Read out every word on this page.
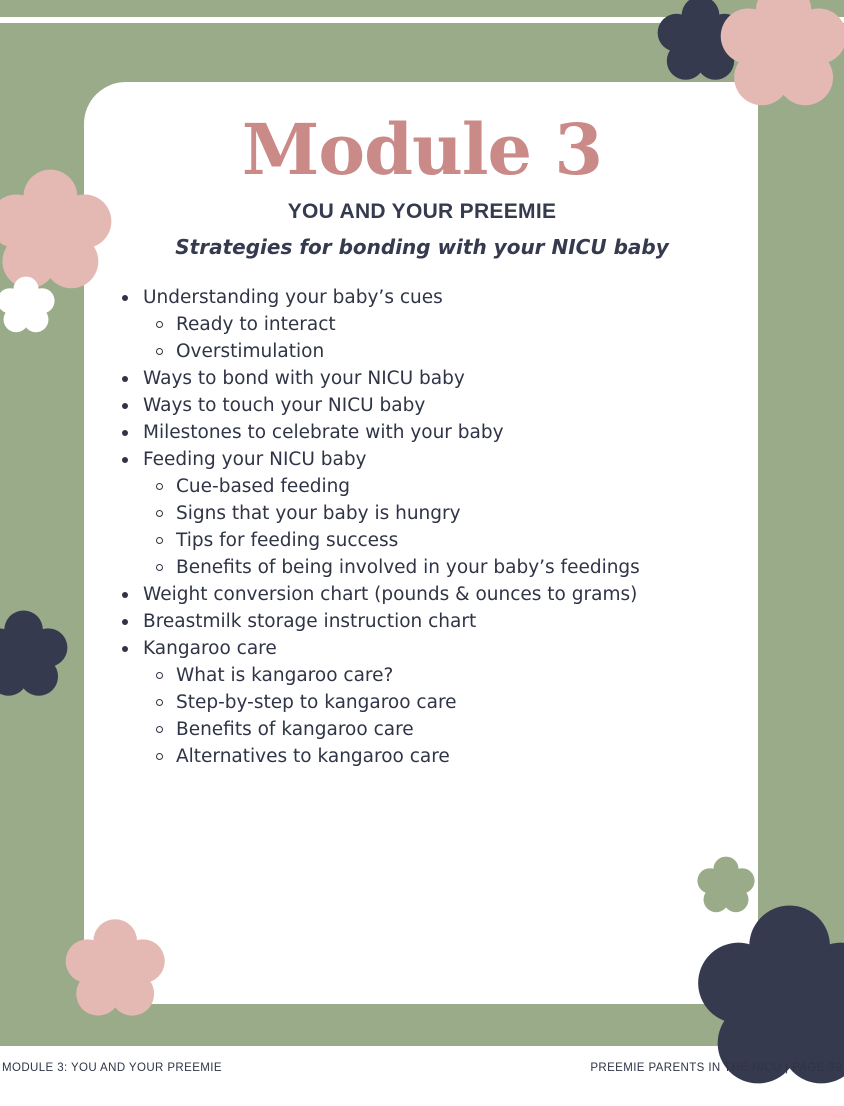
Module 3
YOU AND YOUR PREEMIE
Strategies for bonding with your NICU baby
Understanding your baby’s cues
Ready to interact
Overstimulation
Ways to bond with your NICU baby
Ways to touch your NICU baby
Milestones to celebrate with your baby
Feeding your NICU baby
Cue-based feeding
Signs that your baby is hungry
Tips for feeding success
Benefits of being involved in your baby’s feedings
Weight conversion chart (pounds & ounces to grams)
Breastmilk storage instruction chart
Kangaroo care
What is kangaroo care?
Step-by-step to kangaroo care
Benefits of kangaroo care
Alternatives to kangaroo care
MODULE 3: YOU AND YOUR PREEMIE	PREEMIE PARENTS IN THE NICU | PAGE 39
